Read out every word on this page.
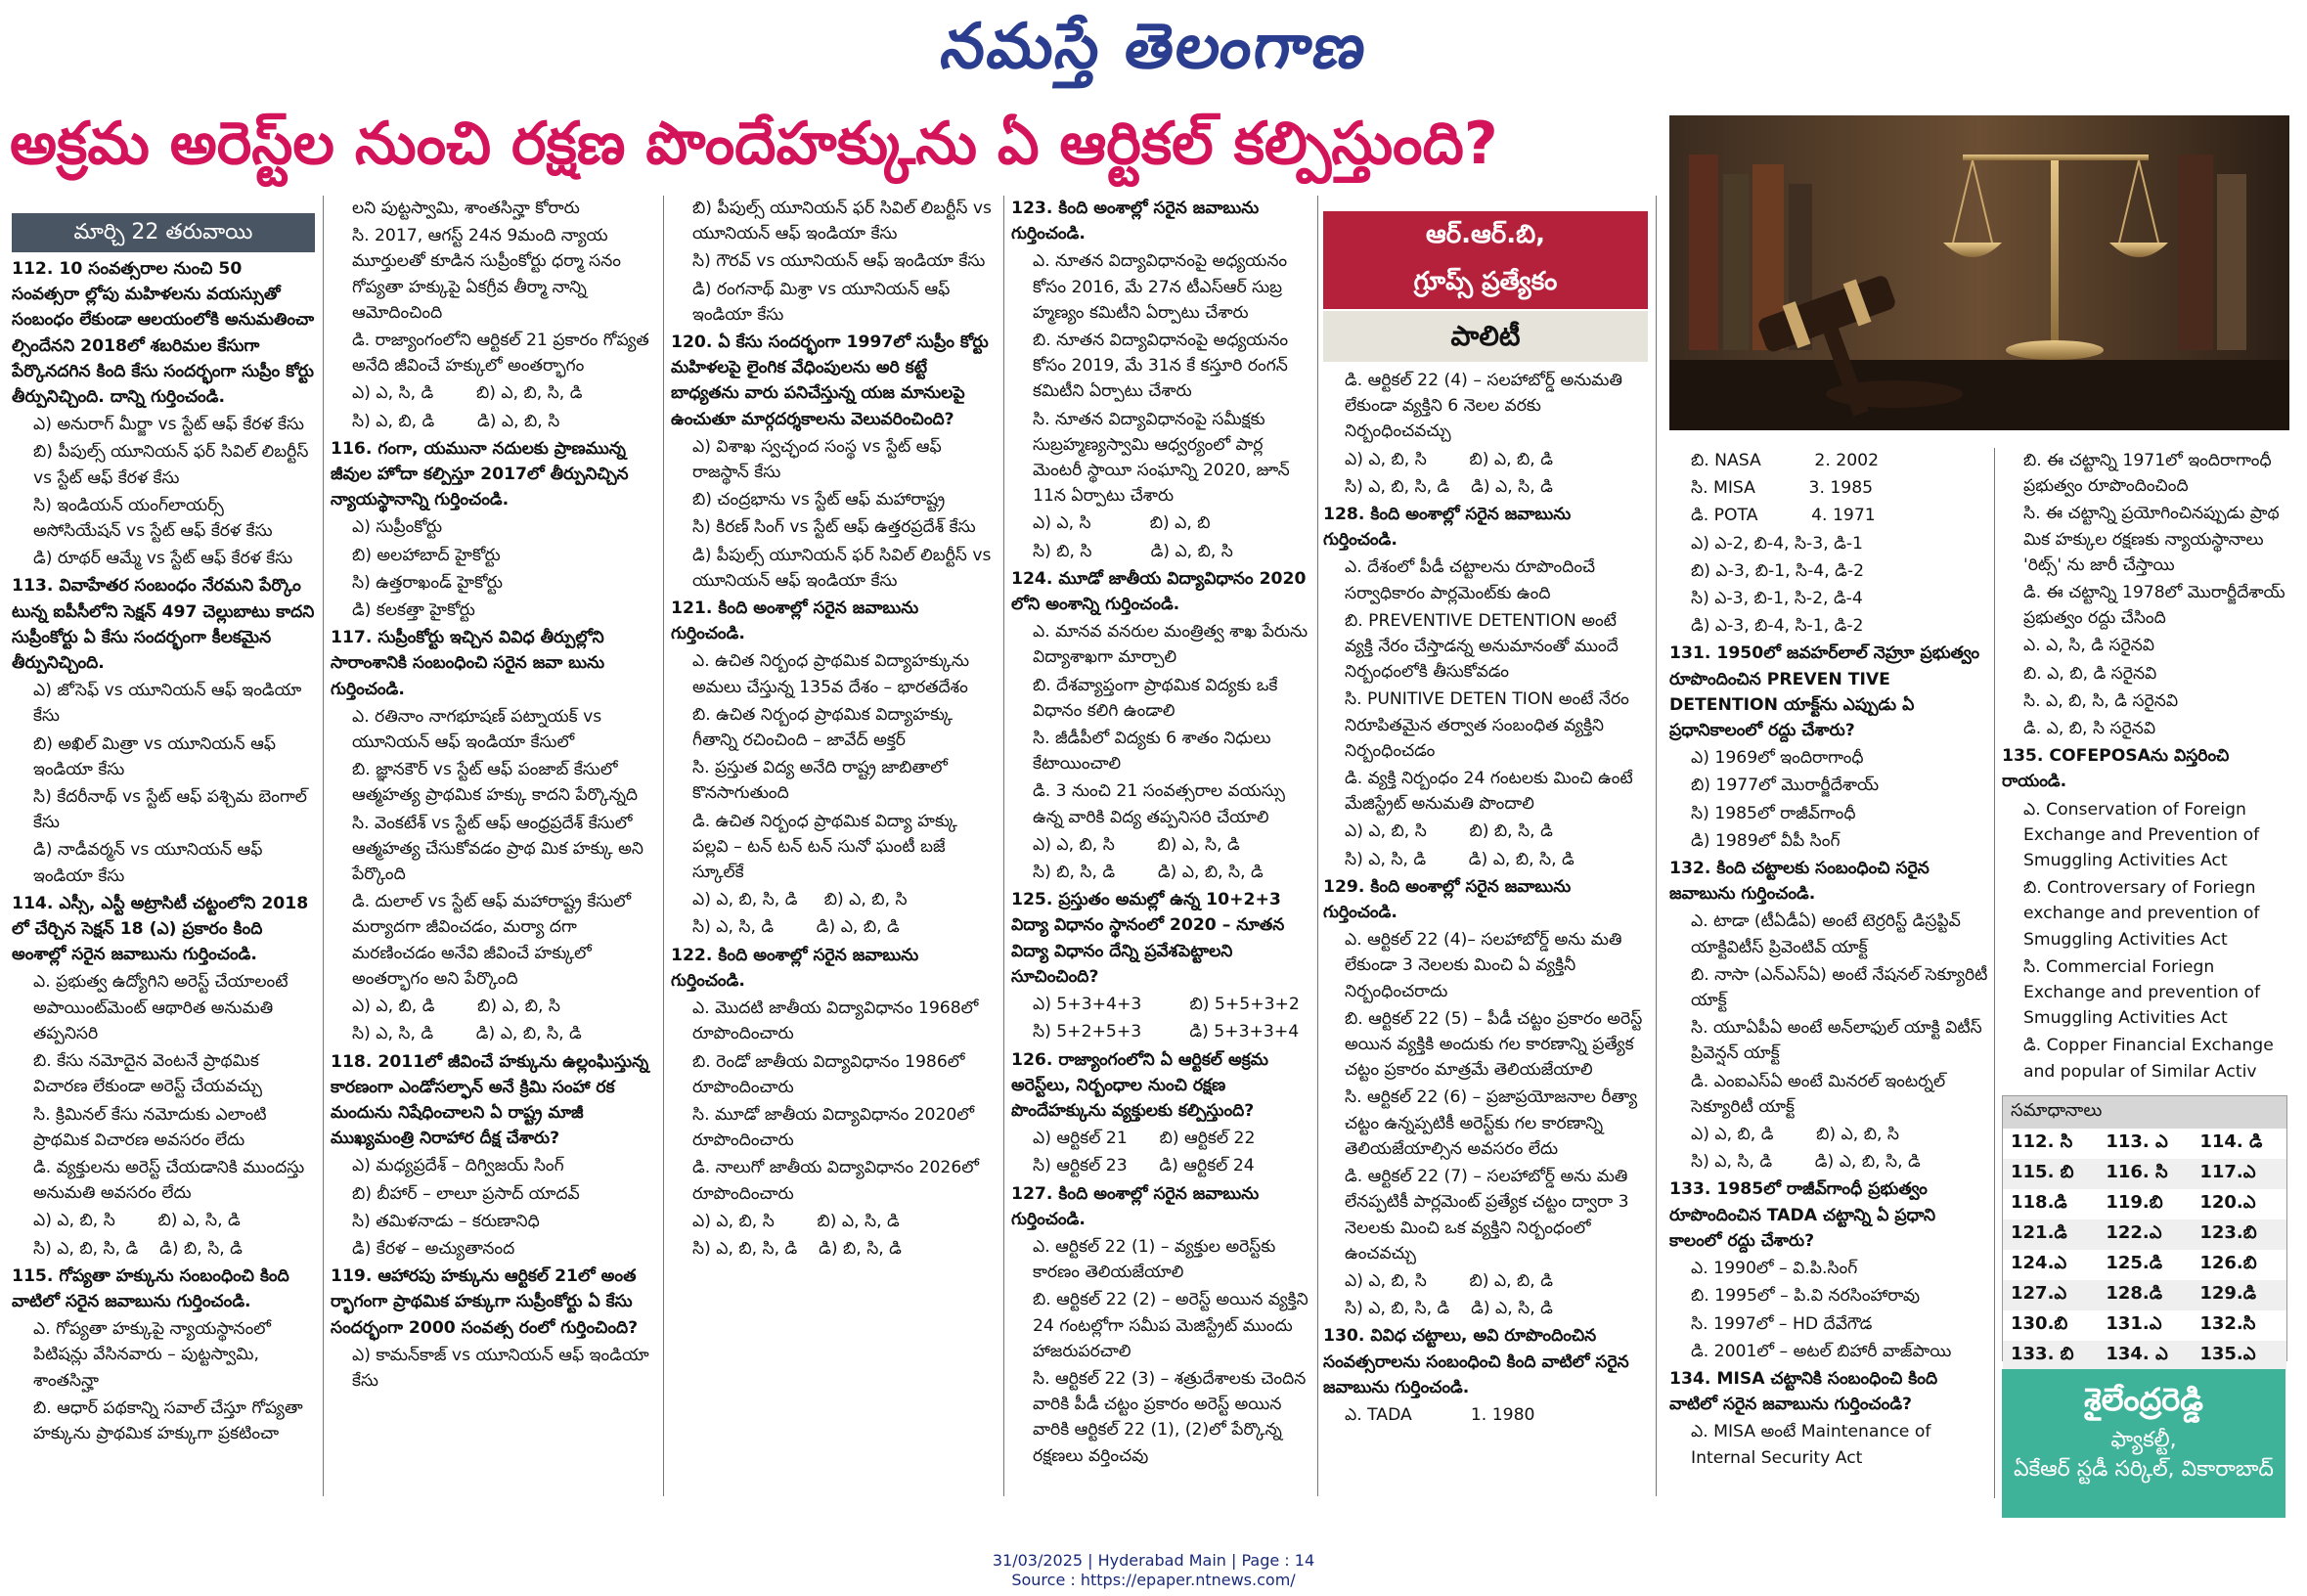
నమస్తే తెలంగాణ
అక్రమ అరెస్ట్‌ల నుంచి రక్షణ పొందేహక్కును ఏ ఆర్టికల్ కల్పిస్తుంది?
మార్చి 22 తరువాయి

112. 10 సంవత్సరాల నుంచి 50 సంవత్సరా ల్లోపు మహిళలను వయస్సుతో సంబంధం లేకుండా ఆలయంలోకి అనుమతించా ల్సిందేనని 2018లో శబరిమల కేసుగా పేర్కొనదగిన కింది కేసు సందర్భంగా సుప్రీం కోర్టు తీర్పునిచ్చింది. దాన్ని గుర్తించండి.

ఎ) అనురాగ్ మీర్జా vs స్టేట్ ఆఫ్ కేరళ కేసు

బి) పీపుల్స్ యూనియన్ ఫర్ సివిల్ లిబర్టీస్ vs స్టేట్ ఆఫ్ కేరళ కేసు

సి) ఇండియన్ యంగ్‌లాయర్స్ అసోసియేషన్ vs స్టేట్ ఆఫ్ కేరళ కేసు

డి) రూథర్ ఆమ్మే vs స్టేట్ ఆఫ్ కేరళ కేసు

113. వివాహేతర సంబంధం నేరమని పేర్కొం టున్న ఐపీసీలోని సెక్షన్ 497 చెల్లుబాటు కాదని సుప్రీంకోర్టు ఏ కేసు సందర్భంగా కీలకమైన తీర్పునిచ్చింది.

ఎ) జోసెఫ్ vs యూనియన్ ఆఫ్ ఇండియా కేసు

బి) అఖిల్ మిత్రా vs యూనియన్ ఆఫ్ ఇండియా కేసు

సి) కేదరీనాథ్ vs స్టేట్ ఆఫ్ పశ్చిమ బెంగాల్ కేసు

డి) నాడీవర్మన్ vs యూనియన్ ఆఫ్ ఇండియా కేసు

114. ఎస్సీ, ఎస్టీ అట్రాసిటీ చట్టంలోని 2018 లో చేర్చిన సెక్షన్ 18 (ఎ) ప్రకారం కింది అంశాల్లో సరైన జవాబును గుర్తించండి.

ఎ. ప్రభుత్వ ఉద్యోగిని అరెస్ట్ చేయాలంటే అపాయింట్‌మెంట్ ఆథారిత అనుమతి తప్పనిసరి

బి. కేసు నమోదైన వెంటనే ప్రాథమిక విచారణ లేకుండా అరెస్ట్ చేయవచ్చు

సి. క్రిమినల్ కేసు నమోదుకు ఎలాంటి ప్రాథమిక విచారణ అవసరం లేదు

డి. వ్యక్తులను అరెస్ట్ చేయడానికి ముందస్తు అనుమతి అవసరం లేదు

ఎ) ఎ, బి, సి        బి) ఎ, సి, డి

సి) ఎ, బి, సి, డి    డి) బి, సి, డి

115. గోప్యతా హక్కును సంబంధించి కింది వాటిలో సరైన జవాబును గుర్తించండి.

ఎ. గోప్యతా హక్కుపై న్యాయస్థానంలో పిటిషన్లు వేసినవారు – పుట్టస్వామి, శాంతసిన్హా

బి. ఆధార్ పథకాన్ని సవాల్ చేస్తూ గోప్యతా హక్కును ప్రాథమిక హక్కుగా ప్రకటించా

లని పుట్టస్వామి, శాంతసిన్హా కోరారు

సి. 2017, ఆగస్ట్ 24న 9మంది న్యాయ మూర్తులతో కూడిన సుప్రీంకోర్టు ధర్మా సనం గోప్యతా హక్కుపై ఏకగ్రీవ తీర్మా నాన్ని ఆమోదించింది

డి. రాజ్యాంగంలోని ఆర్టికల్ 21 ప్రకారం గోప్యత అనేది జీవించే హక్కులో అంతర్భాగం

ఎ) ఎ, సి, డి        బి) ఎ, బి, సి, డి

సి) ఎ, బి, డి        డి) ఎ, బి, సి

116. గంగా, యమునా నదులకు ప్రాణమున్న జీవుల హోదా కల్పిస్తూ 2017లో తీర్పునిచ్చిన న్యాయస్థానాన్ని గుర్తించండి.

ఎ) సుప్రీంకోర్టు

బి) అలహాబాద్ హైకోర్టు

సి) ఉత్తరాఖండ్ హైకోర్టు

డి) కలకత్తా హైకోర్టు

117. సుప్రీంకోర్టు ఇచ్చిన వివిధ తీర్పుల్లోని సారాంశానికి సంబంధించి సరైన జవా బును గుర్తించండి.

ఎ. రతినాం నాగభూషణ్ పట్నాయక్ vs యూనియన్ ఆఫ్ ఇండియా కేసులో

బి. జ్ఞానకౌర్ vs స్టేట్ ఆఫ్ పంజాబ్ కేసులో ఆత్మహత్య ప్రాథమిక హక్కు కాదని పేర్కొన్నది

సి. వెంకటేశ్ vs స్టేట్ ఆఫ్ ఆంధ్రప్రదేశ్ కేసులో ఆత్మహత్య చేసుకోవడం ప్రాథ మిక హక్కు అని పేర్కొంది

డి. దులాల్ vs స్టేట్ ఆఫ్ మహారాష్ట్ర కేసులో మర్యాదగా జీవించడం, మర్యా దగా మరణించడం అనేవి జీవించే హక్కులో అంతర్భాగం అని పేర్కొంది

ఎ) ఎ, బి, డి        బి) ఎ, బి, సి

సి) ఎ, సి, డి        డి) ఎ, బి, సి, డి

118. 2011లో జీవించే హక్కును ఉల్లంఘిస్తున్న కారణంగా ఎండోసల్ఫాన్ అనే క్రిమి సంహా రక మందును నిషేధించాలని ఏ రాష్ట్ర మాజీ ముఖ్యమంత్రి నిరాహార దీక్ష చేశారు?

ఎ) మధ్యప్రదేశ్ – దిగ్విజయ్ సింగ్

బి) బీహార్ – లాలూ ప్రసాద్ యాదవ్

సి) తమిళనాడు – కరుణానిధి

డి) కేరళ – అచ్యుతానంద

119. ఆహారపు హక్కును ఆర్టికల్ 21లో అంత ర్భాగంగా ప్రాథమిక హక్కుగా సుప్రీంకోర్టు ఏ కేసు సందర్భంగా 2000 సంవత్స రంలో గుర్తించింది?

ఎ) కామన్‌కాజ్ vs యూనియన్ ఆఫ్ ఇండియా కేసు

బి) పీపుల్స్ యూనియన్ ఫర్ సివిల్ లిబర్టీస్ vs యూనియన్ ఆఫ్ ఇండియా కేసు

సి) గౌరవ్ vs యూనియన్ ఆఫ్ ఇండియా కేసు

డి) రంగనాథ్ మిశ్రా vs యూనియన్ ఆఫ్ ఇండియా కేసు

120. ఏ కేసు సందర్భంగా 1997లో సుప్రీం కోర్టు మహిళలపై లైంగిక వేధింపులను అరి కట్టే బాధ్యతను వారు పనిచేస్తున్న యజ మానులపై ఉంచుతూ మార్గదర్శకాలను వెలువరించింది?

ఎ) విశాఖ స్వచ్ఛంద సంస్థ vs స్టేట్ ఆఫ్ రాజస్థాన్ కేసు

బి) చంద్రభాను vs స్టేట్ ఆఫ్ మహారాష్ట్ర

సి) కిరణ్ సింగ్ vs స్టేట్ ఆఫ్ ఉత్తరప్రదేశ్ కేసు

డి) పీపుల్స్ యూనియన్ ఫర్ సివిల్ లిబర్టీస్ vs యూనియన్ ఆఫ్ ఇండియా కేసు

121. కింది అంశాల్లో సరైన జవాబును గుర్తించండి.

ఎ. ఉచిత నిర్బంధ ప్రాథమిక విద్యాహక్కును అమలు చేస్తున్న 135వ దేశం – భారతదేశం

బి. ఉచిత నిర్బంధ ప్రాథమిక విద్యాహక్కు గీతాన్ని రచించింది – జావేద్ అక్తర్

సి. ప్రస్తుత విద్య అనేది రాష్ట్ర జాబితాలో కొనసాగుతుంది

డి. ఉచిత నిర్బంధ ప్రాథమిక విద్యా హక్కు పల్లవి – టన్ టన్ టన్ సునో ఘంటీ బజే స్కూల్‌కే

ఎ) ఎ, బి, సి, డి     బి) ఎ, బి, సి

సి) ఎ, సి, డి        డి) ఎ, బి, డి

122. కింది అంశాల్లో సరైన జవాబును గుర్తించండి.

ఎ. మొదటి జాతీయ విద్యావిధానం 1968లో రూపొందించారు

బి. రెండో జాతీయ విద్యావిధానం 1986లో రూపొందించారు

సి. మూడో జాతీయ విద్యావిధానం 2020లో రూపొందించారు

డి. నాలుగో జాతీయ విద్యావిధానం 2026లో రూపొందించారు

ఎ) ఎ, బి, సి        బి) ఎ, సి, డి

సి) ఎ, బి, సి, డి    డి) బి, సి, డి

123. కింది అంశాల్లో సరైన జవాబును గుర్తించండి.

ఎ. నూతన విద్యావిధానంపై అధ్యయనం కోసం 2016, మే 27న టీఎస్ఆర్ సుబ్ర హ్మణ్యం కమిటీని ఏర్పాటు చేశారు

బి. నూతన విద్యావిధానంపై అధ్యయనం కోసం 2019, మే 31న కే కస్తూరి రంగన్ కమిటీని ఏర్పాటు చేశారు

సి. నూతన విద్యావిధానంపై సమీక్షకు సుబ్రహ్మణ్యస్వామి ఆధ్వర్యంలో పార్ల మెంటరీ స్థాయీ సంఘాన్ని 2020, జూన్ 11న ఏర్పాటు చేశారు

ఎ) ఎ, సి           బి) ఎ, బి

సి) బి, సి           డి) ఎ, బి, సి

124. మూడో జాతీయ విద్యావిధానం 2020 లోని అంశాన్ని గుర్తించండి.

ఎ. మానవ వనరుల మంత్రిత్వ శాఖ పేరును విద్యాశాఖగా మార్చాలి

బి. దేశవ్యాప్తంగా ప్రాథమిక విద్యకు ఒకే విధానం కలిగి ఉండాలి

సి. జీడీపీలో విద్యకు 6 శాతం నిధులు కేటాయించాలి

డి. 3 నుంచి 21 సంవత్సరాల వయస్సు ఉన్న వారికి విద్య తప్పనిసరి చేయాలి

ఎ) ఎ, బి, సి        బి) ఎ, సి, డి

సి) బి, సి, డి        డి) ఎ, బి, సి, డి

125. ప్రస్తుతం అమల్లో ఉన్న 10+2+3 విద్యా విధానం స్థానంలో 2020 – నూతన విద్యా విధానం దేన్ని ప్రవేశపెట్టాలని సూచించింది?

ఎ) 5+3+4+3         బి) 5+5+3+2

సి) 5+2+5+3         డి) 5+3+3+4

126. రాజ్యాంగంలోని ఏ ఆర్టికల్ అక్రమ అరెస్ట్‌లు, నిర్బంధాల నుంచి రక్షణ పొందేహక్కును వ్యక్తులకు కల్పిస్తుంది?

ఎ) ఆర్టికల్ 21      బి) ఆర్టికల్ 22

సి) ఆర్టికల్ 23      డి) ఆర్టికల్ 24

127. కింది అంశాల్లో సరైన జవాబును గుర్తించండి.

ఎ. ఆర్టికల్ 22 (1) – వ్యక్తుల అరెస్ట్‌కు కారణం తెలియజేయాలి

బి. ఆర్టికల్ 22 (2) – అరెస్ట్ అయిన వ్యక్తిని 24 గంటల్లోగా సమీప మెజిస్ట్రేట్ ముందు హాజరుపరచాలి

సి. ఆర్టికల్ 22 (3) – శత్రుదేశాలకు చెందిన వారికి పీడీ చట్టం ప్రకారం అరెస్ట్ అయిన వారికి ఆర్టికల్ 22 (1), (2)లో పేర్కొన్న రక్షణలు వర్తించవు

ఆర్.ఆర్.బి,
గ్రూప్స్ ప్రత్యేకం
పాలిటీ

డి. ఆర్టికల్ 22 (4) – సలహాబోర్డ్ అనుమతి లేకుండా వ్యక్తిని 6 నెలల వరకు నిర్బంధించవచ్చు

ఎ) ఎ, బి, సి        బి) ఎ, బి, డి

సి) ఎ, బి, సి, డి    డి) ఎ, సి, డి

128. కింది అంశాల్లో సరైన జవాబును గుర్తించండి.

ఎ. దేశంలో పీడీ చట్టాలను రూపొందించే సర్వాధికారం పార్లమెంట్‌కు ఉంది

బి. PREVENTIVE DETENTION అంటే వ్యక్తి నేరం చేస్తాడన్న అనుమానంతో ముందే నిర్బంధంలోకి తీసుకోవడం

సి. PUNITIVE DETEN TION అంటే నేరం నిరూపితమైన తర్వాత సంబంధిత వ్యక్తిని నిర్బంధించడం

డి. వ్యక్తి నిర్బంధం 24 గంటలకు మించి ఉంటే మేజిస్ట్రేట్ అనుమతి పొందాలి

ఎ) ఎ, బి, సి        బి) బి, సి, డి

సి) ఎ, సి, డి        డి) ఎ, బి, సి, డి

129. కింది అంశాల్లో సరైన జవాబును గుర్తించండి.

ఎ. ఆర్టికల్ 22 (4)– సలహాబోర్డ్ అను మతి లేకుండా 3 నెలలకు మించి ఏ వ్యక్తినీ నిర్బంధించరాదు

బి. ఆర్టికల్ 22 (5) – పీడీ చట్టం ప్రకారం అరెస్ట్ అయిన వ్యక్తికి అందుకు గల కారణాన్ని ప్రత్యేక చట్టం ప్రకారం మాత్రమే తెలియజేయాలి

సి. ఆర్టికల్ 22 (6) – ప్రజాప్రయోజనాల రీత్యా చట్టం ఉన్నప్పటికీ అరెస్ట్‌కు గల కారణాన్ని తెలియజేయాల్సిన అవసరం లేదు

డి. ఆర్టికల్ 22 (7) – సలహాబోర్డ్ అను మతి లేనప్పటికీ పార్లమెంట్ ప్రత్యేక చట్టం ద్వారా 3 నెలలకు మించి ఒక వ్యక్తిని నిర్బంధంలో ఉంచవచ్చు

ఎ) ఎ, బి, సి        బి) ఎ, బి, డి

సి) ఎ, బి, సి, డి    డి) ఎ, సి, డి

130. వివిధ చట్టాలు, అవి రూపొందించిన సంవత్సరాలను సంబంధించి కింది వాటిలో సరైన జవాబును గుర్తించండి.

ఎ. TADA           1. 1980

బి. NASA          2. 2002

సి. MISA          3. 1985

డి. POTA          4. 1971

ఎ) ఎ-2, బి-4, సి-3, డి-1

బి) ఎ-3, బి-1, సి-4, డి-2

సి) ఎ-3, బి-1, సి-2, డి-4

డి) ఎ-3, బి-4, సి-1, డి-2

131. 1950లో జవహర్‌లాల్ నెహ్రూ ప్రభుత్వం రూపొందించిన PREVEN TIVE DETENTION యాక్ట్‌ను ఎప్పుడు ఏ ప్రధానికాలంలో రద్దు చేశారు?

ఎ) 1969లో ఇందిరాగాంధీ

బి) 1977లో మొరార్జీదేశాయ్

సి) 1985లో రాజీవ్‌గాంధీ

డి) 1989లో వీపీ సింగ్

132. కింది చట్టాలకు సంబంధించి సరైన జవాబును గుర్తించండి.

ఎ. టాడా (టీఏడీఏ) అంటే టెర్రరిస్ట్ డిస్రప్టివ్ యాక్టివిటీస్ ప్రివెంటివ్ యాక్ట్

బి. నాసా (ఎన్ఎస్ఏ) అంటే నేషనల్ సెక్యూరిటీ యాక్ట్

సి. యూఏపీఏ అంటే అన్‌లాఫుల్ యాక్టి విటీస్ ప్రివెన్షన్ యాక్ట్

డి. ఎంఐఎస్ఏ అంటే మినరల్ ఇంటర్నల్ సెక్యూరిటీ యాక్ట్

ఎ) ఎ, బి, డి        బి) ఎ, బి, సి

సి) ఎ, సి, డి        డి) ఎ, బి, సి, డి

133. 1985లో రాజీవ్‌గాంధీ ప్రభుత్వం రూపొందించిన TADA చట్టాన్ని ఏ ప్రధాని కాలంలో రద్దు చేశారు?

ఎ. 1990లో – వి.పి.సింగ్

బి. 1995లో – పి.వి నరసింహారావు

సి. 1997లో – HD దేవేగౌడ

డి. 2001లో – అటల్ బిహారీ వాజ్‌పాయి

134. MISA చట్టానికి సంబంధించి కింది వాటిలో సరైన జవాబును గుర్తించండి?

ఎ. MISA అంటే Maintenance of Internal Security Act

బి. ఈ చట్టాన్ని 1971లో ఇందిరాగాంధీ ప్రభుత్వం రూపొందించింది

సి. ఈ చట్టాన్ని ప్రయోగించినప్పుడు ప్రాథ మిక హక్కుల రక్షణకు న్యాయస్థానాలు 'రిట్స్' ను జారీ చేస్తాయి

డి. ఈ చట్టాన్ని 1978లో మొరార్జీదేశాయ్ ప్రభుత్వం రద్దు చేసింది

ఎ. ఎ, సి, డి సరైనవి

బి. ఎ, బి, డి సరైనవి

సి. ఎ, బి, సి, డి సరైనవి

డి. ఎ, బి, సి సరైనవి

135. COFEPOSAను విస్తరించి రాయండి.

ఎ. Conservation of Foreign Exchange and Prevention of Smuggling Activities Act

బి. Controversary of Foriegn exchange and prevention of Smuggling Activities Act

సి. Commercial Foriegn Exchange and prevention of Smuggling Activities Act

డి. Copper Financial Exchange and popular of Similar Activ

సమాధానాలు
112. సి	113. ఎ	114. డి
115. బి	116. సి	117.ఎ
118.డి	119.బి	120.ఎ
121.డి	122.ఎ	123.బి
124.ఎ	125.డి	126.బి
127.ఎ	128.డి	129.డి
130.బి	131.ఎ	132.సి
133. బి	134. ఎ	135.ఎ
శైలేంద్రరెడ్డి
ఫ్యాకల్టీ,
ఏకేఆర్ స్టడీ సర్కిల్, వికారాబాద్
31/03/2025 | Hyderabad Main | Page : 14
Source : https://epaper.ntnews.com/
